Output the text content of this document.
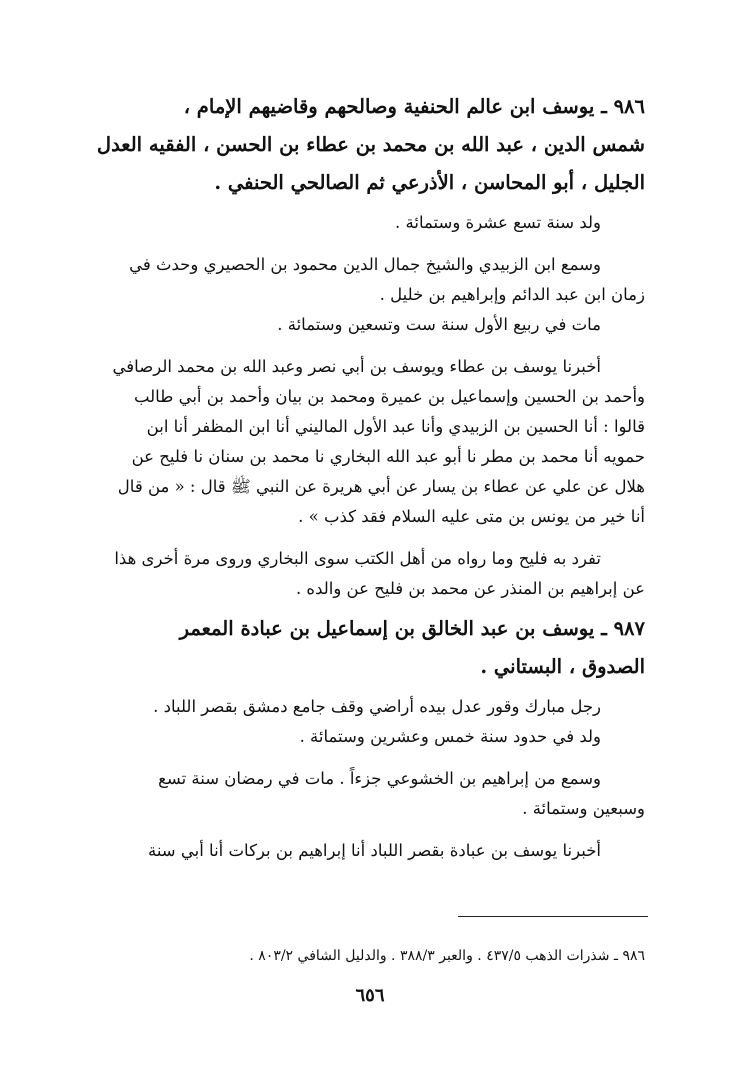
٩٨٦ ـ يوسف ابن عالم الحنفية وصالحهم وقاضيهم الإمام ،

شمس الدين ، عبد الله بن محمد بن عطاء بن الحسن ، الفقيه العدل

الجليل ، أبو المحاسن ، الأذرعي ثم الصالحي الحنفي .

ولد سنة تسع عشرة وستمائة .

وسمع ابن الزبيدي والشيخ جمال الدين محمود بن الحصيري وحدث في

زمان ابن عبد الدائم وإبراهيم بن خليل .

مات في ربيع الأول سنة ست وتسعين وستمائة .

أخبرنا يوسف بن عطاء ويوسف بن أبي نصر وعبد الله بن محمد الرصافي

وأحمد بن الحسين وإسماعيل بن عميرة ومحمد بن بيان وأحمد بن أبي طالب

قالوا : أنا الحسين بن الزبيدي وأنا عبد الأول الماليني أنا ابن المظفر أنا ابن

حمويه أنا محمد بن مطر نا أبو عبد الله البخاري نا محمد بن سنان نا فليح عن

هلال عن علي عن عطاء بن يسار عن أبي هريرة عن النبي ﷺ قال : « من قال

أنا خير من يونس بن متى عليه السلام فقد كذب » .

تفرد به فليح وما رواه من أهل الكتب سوى البخاري وروى مرة أخرى هذا

عن إبراهيم بن المنذر عن محمد بن فليح عن والده .

٩٨٧ ـ يوسف بن عبد الخالق بن إسماعيل بن عبادة المعمر

الصدوق ، البستاني .

رجل مبارك وقور عدل بيده أراضي وقف جامع دمشق بقصر اللباد .

ولد في حدود سنة خمس وعشرين وستمائة .

وسمع من إبراهيم بن الخشوعي جزءاً . مات في رمضان سنة تسع

وسبعين وستمائة .

أخبرنا يوسف بن عبادة بقصر اللباد أنا إبراهيم بن بركات أنا أبي سنة

٩٨٦ ـ شذرات الذهب ٤٣٧/٥ . والعبر ٣٨٨/٣ . والدليل الشافي ٨٠٣/٢ .

٦٥٦
